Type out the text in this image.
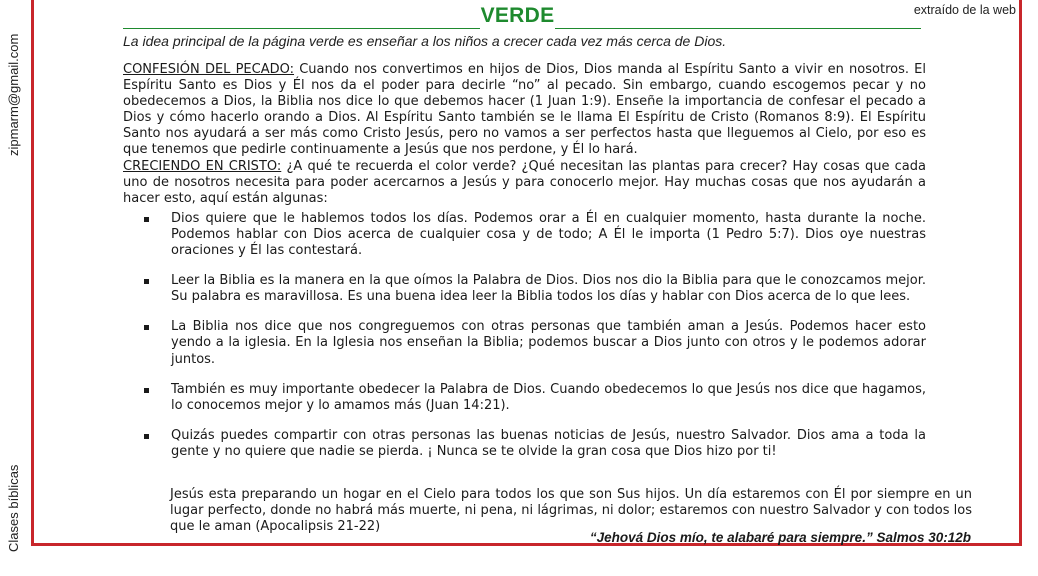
zipmarm@gmail.com
Clases bíblicas
extraído de la web
VERDE
La idea principal de la página verde es enseñar a los niños a crecer cada vez más cerca de Dios.

CONFESIÓN DEL PECADO: Cuando nos convertimos en hijos de Dios, Dios manda al Espíritu Santo a vivir en nosotros. El Espíritu Santo es Dios y Él nos da el poder para decirle “no” al pecado. Sin embargo, cuando escogemos pecar y no obedecemos a Dios, la Biblia nos dice lo que debemos hacer (1 Juan 1:9). Enseñe la importancia de confesar el pecado a Dios y cómo hacerlo orando a Dios. Al Espíritu Santo también se le llama El Espíritu de Cristo (Romanos 8:9). El Espíritu Santo nos ayudará a ser más como Cristo Jesús, pero no vamos a ser perfectos hasta que lleguemos al Cielo, por eso es que tenemos que pedirle continuamente a Jesús que nos perdone, y Él lo hará.

CRECIENDO EN CRISTO: ¿A qué te recuerda el color verde? ¿Qué necesitan las plantas para crecer? Hay cosas que cada uno de nosotros necesita para poder acercarnos a Jesús y para conocerlo mejor. Hay muchas cosas que nos ayudarán a hacer esto, aquí están algunas:

Dios quiere que le hablemos todos los días. Podemos orar a Él en cualquier momento, hasta durante la noche. Podemos hablar con Dios acerca de cualquier cosa y de todo; A Él le importa (1 Pedro 5:7). Dios oye nuestras oraciones y Él las contestará.
Leer la Biblia es la manera en la que oímos la Palabra de Dios. Dios nos dio la Biblia para que le conozcamos mejor. Su palabra es maravillosa. Es una buena idea leer la Biblia todos los días y hablar con Dios acerca de lo que lees.
La Biblia nos dice que nos congreguemos con otras personas que también aman a Jesús. Podemos hacer esto yendo a la iglesia. En la Iglesia nos enseñan la Biblia; podemos buscar a Dios junto con otros y le podemos adorar juntos.
También es muy importante obedecer la Palabra de Dios. Cuando obedecemos lo que Jesús nos dice que hagamos, lo conocemos mejor y lo amamos más (Juan 14:21).
Quizás puedes compartir con otras personas las buenas noticias de Jesús, nuestro Salvador. Dios ama a toda la gente y no quiere que nadie se pierda. ¡ Nunca se te olvide la gran cosa que Dios hizo por ti!
Jesús esta preparando un hogar en el Cielo para todos los que son Sus hijos. Un día estaremos con Él por siempre en un lugar perfecto, donde no habrá más muerte, ni pena, ni lágrimas, ni dolor; estaremos con nuestro Salvador y con todos los que le aman (Apocalipsis 21-22)
“Jehová Dios mío, te alabaré para siempre.” Salmos 30:12b
